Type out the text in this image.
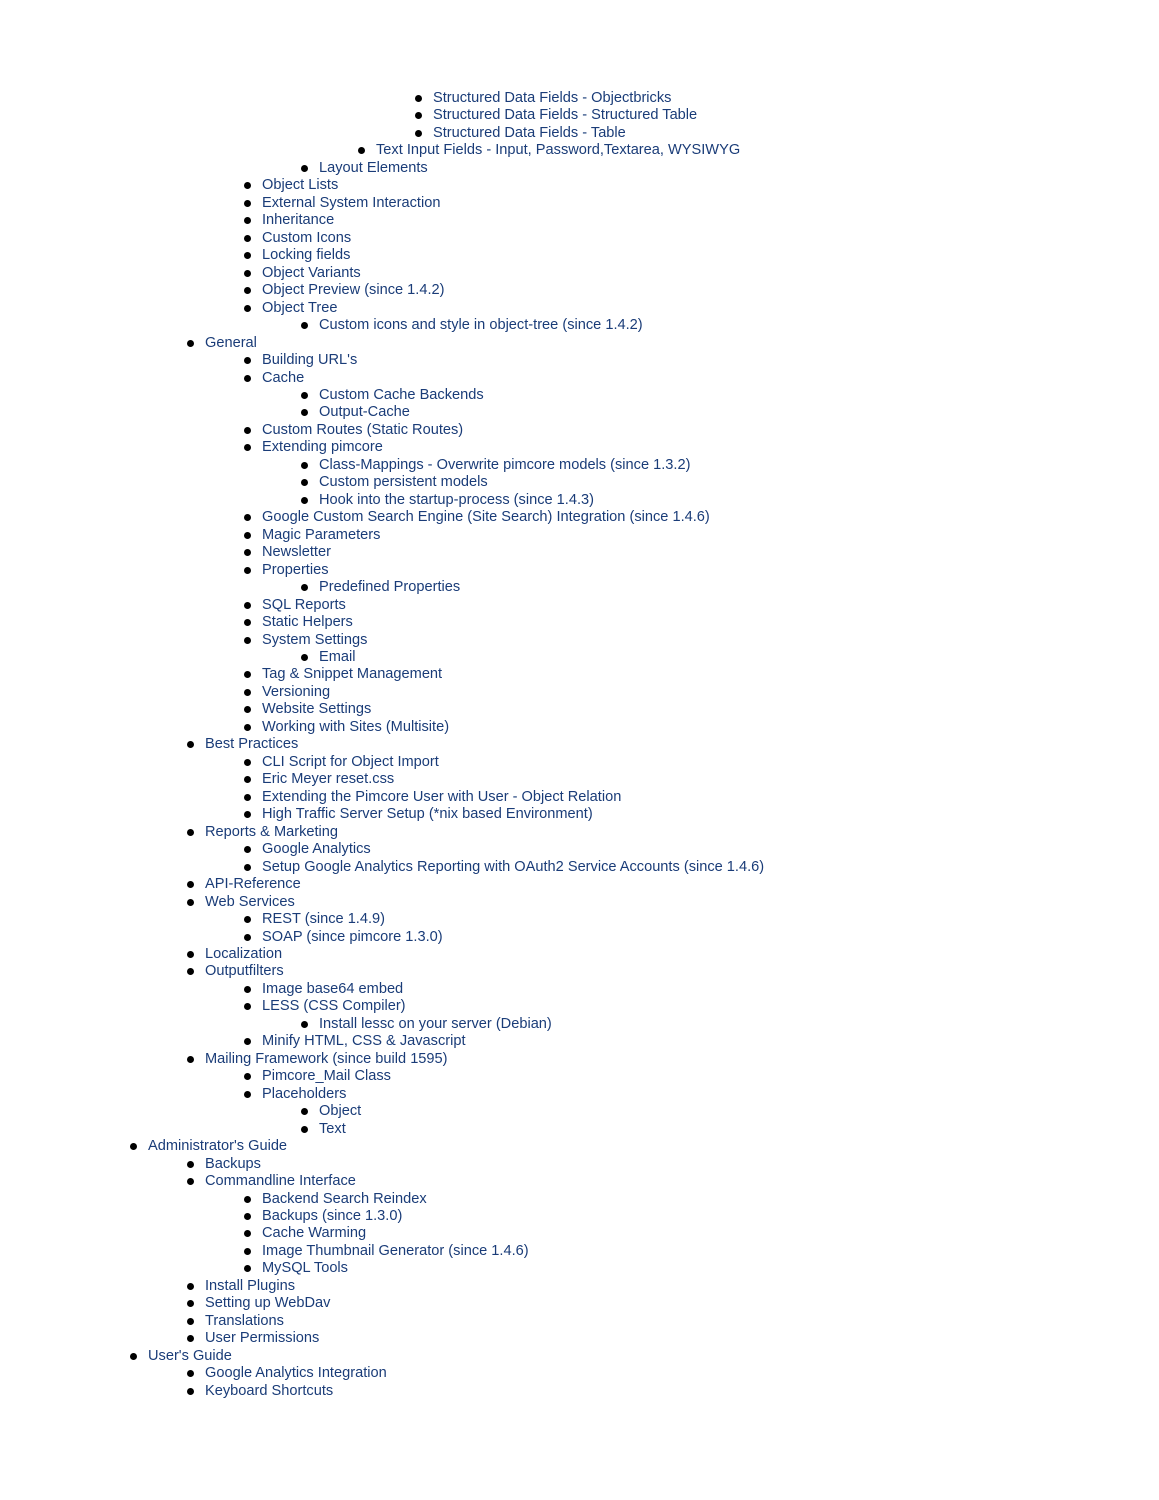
Structured Data Fields - Objectbricks
Structured Data Fields - Structured Table
Structured Data Fields - Table
Text Input Fields - Input, Password,Textarea, WYSIWYG
Layout Elements
Object Lists
External System Interaction
Inheritance
Custom Icons
Locking fields
Object Variants
Object Preview (since 1.4.2)
Object Tree
Custom icons and style in object-tree (since 1.4.2)
General
Building URL's
Cache
Custom Cache Backends
Output-Cache
Custom Routes (Static Routes)
Extending pimcore
Class-Mappings - Overwrite pimcore models (since 1.3.2)
Custom persistent models
Hook into the startup-process (since 1.4.3)
Google Custom Search Engine (Site Search) Integration (since 1.4.6)
Magic Parameters
Newsletter
Properties
Predefined Properties
SQL Reports
Static Helpers
System Settings
Email
Tag & Snippet Management
Versioning
Website Settings
Working with Sites (Multisite)
Best Practices
CLI Script for Object Import
Eric Meyer reset.css
Extending the Pimcore User with User - Object Relation
High Traffic Server Setup (*nix based Environment)
Reports & Marketing
Google Analytics
Setup Google Analytics Reporting with OAuth2 Service Accounts (since 1.4.6)
API-Reference
Web Services
REST (since 1.4.9)
SOAP (since pimcore 1.3.0)
Localization
Outputfilters
Image base64 embed
LESS (CSS Compiler)
Install lessc on your server (Debian)
Minify HTML, CSS & Javascript
Mailing Framework (since build 1595)
Pimcore_Mail Class
Placeholders
Object
Text
Administrator's Guide
Backups
Commandline Interface
Backend Search Reindex
Backups (since 1.3.0)
Cache Warming
Image Thumbnail Generator (since 1.4.6)
MySQL Tools
Install Plugins
Setting up WebDav
Translations
User Permissions
User's Guide
Google Analytics Integration
Keyboard Shortcuts
